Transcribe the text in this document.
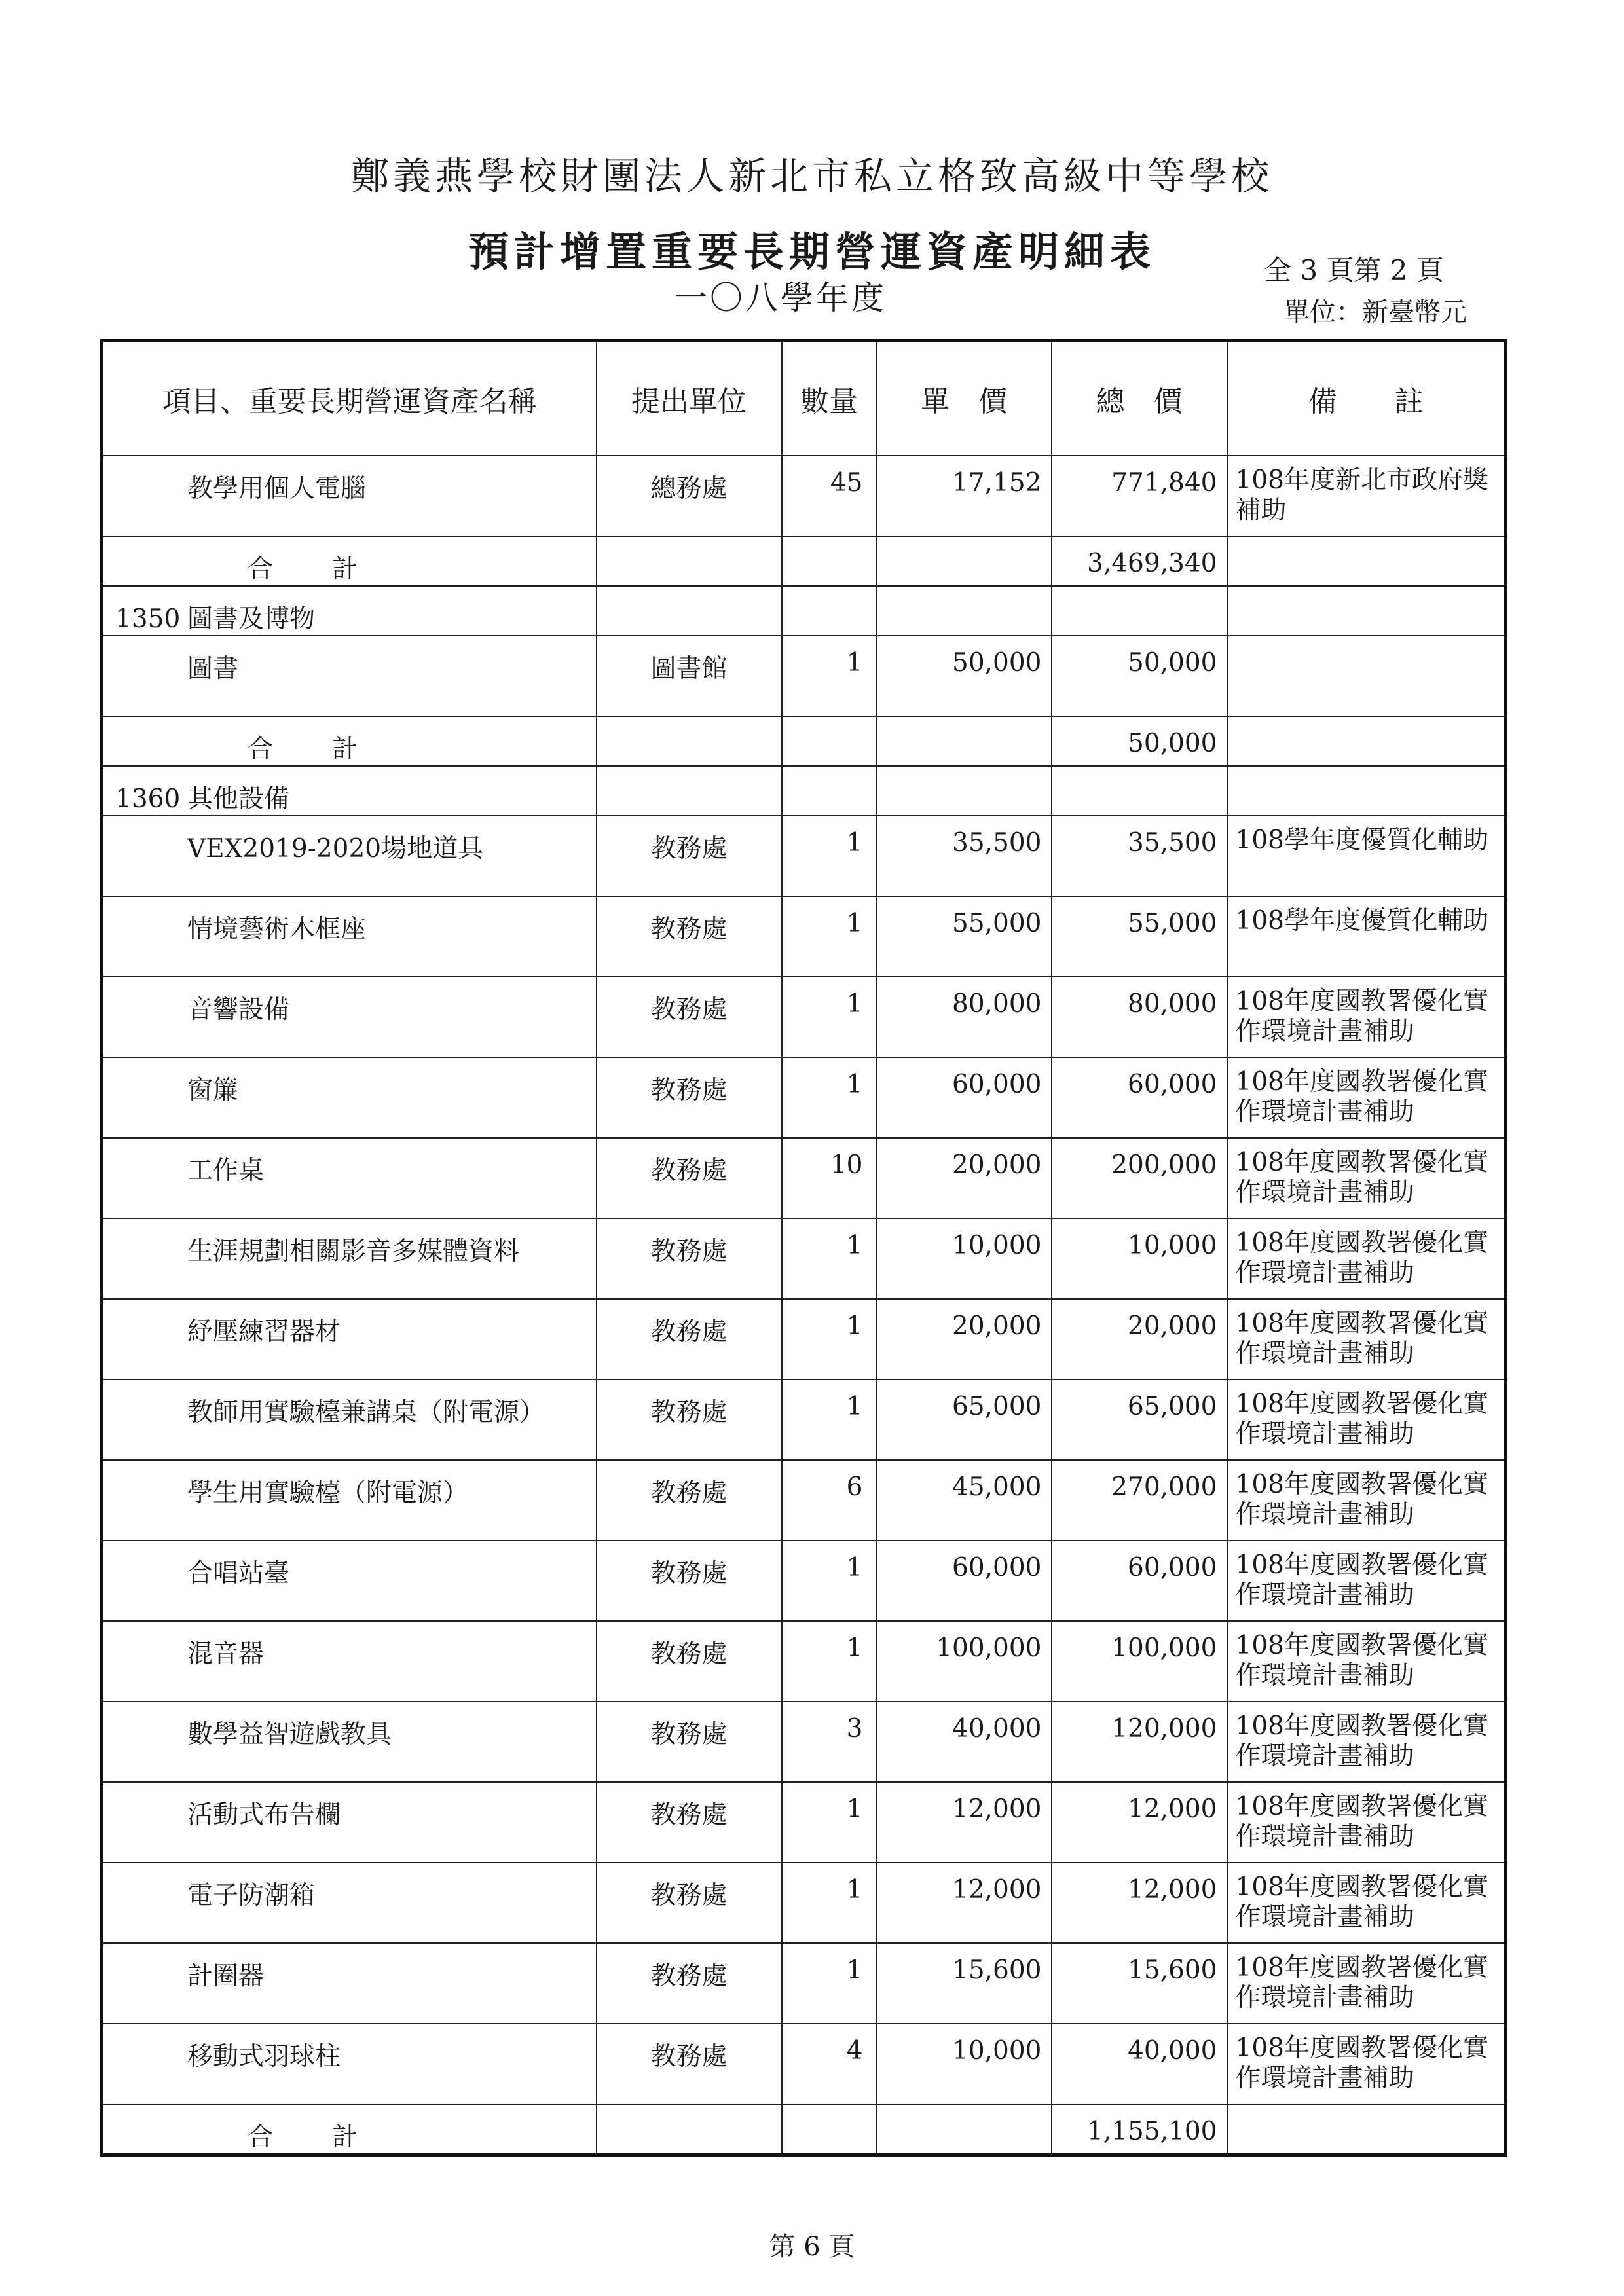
鄭義燕學校財團法人新北市私立格致高級中等學校
預計增置重要長期營運資產明細表
一〇八學年度
全 3 頁第 2 頁
單位：新臺幣元
項目、重要長期營運資產名稱	提出單位	數量	單　價	總　價	備　　註

教學用個人電腦	總務處	45	17,152	771,840	108年度新北市政府獎補助

合　　計				3,469,340	

1350 圖書及博物					

圖書	圖書館	1	50,000	50,000	

合　　計				50,000	

1360 其他設備					

VEX2019-2020場地道具	教務處	1	35,500	35,500	108學年度優質化輔助

情境藝術木框座	教務處	1	55,000	55,000	108學年度優質化輔助

音響設備	教務處	1	80,000	80,000	108年度國教署優化實作環境計畫補助

窗簾	教務處	1	60,000	60,000	108年度國教署優化實作環境計畫補助

工作桌	教務處	10	20,000	200,000	108年度國教署優化實作環境計畫補助

生涯規劃相關影音多媒體資料	教務處	1	10,000	10,000	108年度國教署優化實作環境計畫補助

紓壓練習器材	教務處	1	20,000	20,000	108年度國教署優化實作環境計畫補助

教師用實驗檯兼講桌（附電源）	教務處	1	65,000	65,000	108年度國教署優化實作環境計畫補助

學生用實驗檯（附電源）	教務處	6	45,000	270,000	108年度國教署優化實作環境計畫補助

合唱站臺	教務處	1	60,000	60,000	108年度國教署優化實作環境計畫補助

混音器	教務處	1	100,000	100,000	108年度國教署優化實作環境計畫補助

數學益智遊戲教具	教務處	3	40,000	120,000	108年度國教署優化實作環境計畫補助

活動式布告欄	教務處	1	12,000	12,000	108年度國教署優化實作環境計畫補助

電子防潮箱	教務處	1	12,000	12,000	108年度國教署優化實作環境計畫補助

計圈器	教務處	1	15,600	15,600	108年度國教署優化實作環境計畫補助

移動式羽球柱	教務處	4	10,000	40,000	108年度國教署優化實作環境計畫補助

合　　計				1,155,100	

第 6 頁
